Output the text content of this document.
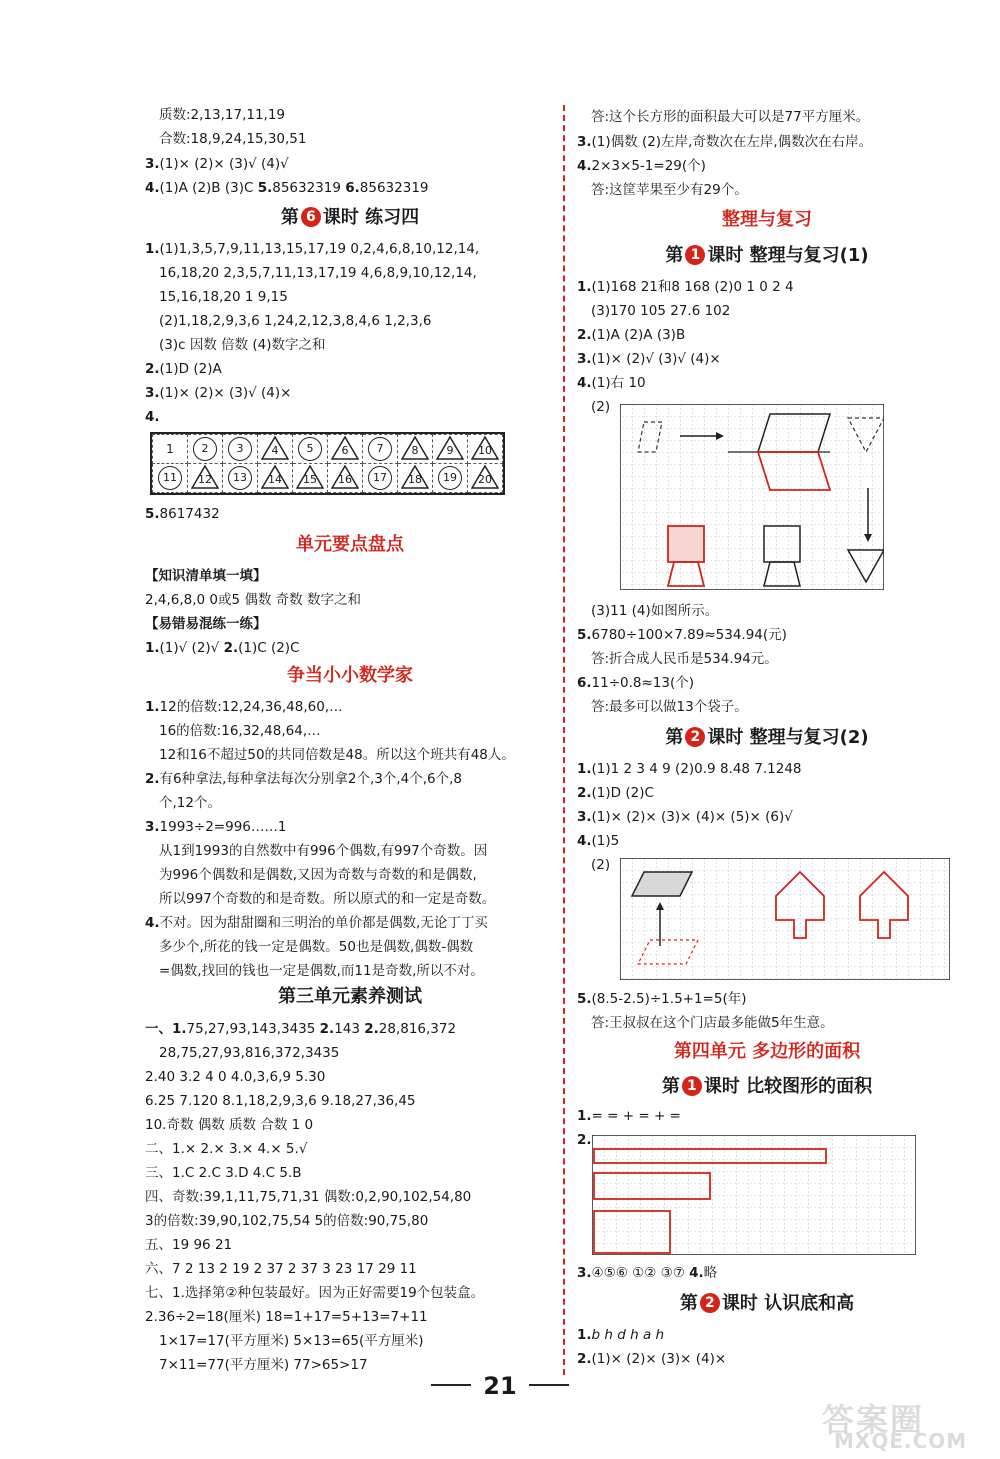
质数:2,13,17,11,19
合数:18,9,24,15,30,51
3.(1)× (2)× (3)√ (4)√
4.(1)A (2)B (3)C 5.85632319 6.85632319
第 6 课时 练习四
1.(1)1,3,5,7,9,11,13,15,17,19 0,2,4,6,8,10,12,14,
16,18,20 2,3,5,7,11,13,17,19 4,6,8,9,10,12,14,
15,16,18,20 1 9,15
(2)1,18,2,9,3,6 1,24,2,12,3,8,4,6 1,2,3,6
(3)c 因数 倍数 (4)数字之和
2.(1)D (2)A
3.(1)× (2)× (3)√ (4)×
4.
5.8617432
单元要点盘点
【知识清单填一填】
2,4,6,8,0 0或5 偶数 奇数 数字之和
【易错易混练一练】
1.(1)√ (2)√ 2.(1)C (2)C
争当小小数学家
1.12的倍数:12,24,36,48,60,…
16的倍数:16,32,48,64,…
12和16不超过50的共同倍数是48。所以这个班共有48人。
2.有6种拿法,每种拿法每次分别拿2个,3个,4个,6个,8
个,12个。
3.1993÷2=996……1
从1到1993的自然数中有996个偶数,有997个奇数。因
为996个偶数和是偶数,又因为奇数与奇数的和是偶数,
所以997个奇数的和是奇数。所以原式的和一定是奇数。
4.不对。因为甜甜圈和三明治的单价都是偶数,无论丁丁买
多少个,所花的钱一定是偶数。50也是偶数,偶数-偶数
=偶数,找回的钱也一定是偶数,而11是奇数,所以不对。
第三单元素养测试
一、1.75,27,93,143,3435 2.143 2.28,816,372
28,75,27,93,816,372,3435
2.40 3.2 4 0 4.0,3,6,9 5.30
6.25 7.120 8.1,18,2,9,3,6 9.18,27,36,45
10.奇数 偶数 质数 合数 1 0
二、1.× 2.× 3.× 4.× 5.√
三、1.C 2.C 3.D 4.C 5.B
四、奇数:39,1,11,75,71,31 偶数:0,2,90,102,54,80
3的倍数:39,90,102,75,54 5的倍数:90,75,80
五、19 96 21
六、7 2 13 2 19 2 37 2 37 3 23 17 29 11
七、1.选择第②种包装最好。因为正好需要19个包装盒。
2.36÷2=18(厘米) 18=1+17=5+13=7+11
1×17=17(平方厘米) 5×13=65(平方厘米)
7×11=77(平方厘米) 77>65>17
1	2	3	4	5	6	7	8	9	10

11	12	13	14	15	16	17	18	19	20
答:这个长方形的面积最大可以是77平方厘米。
3.(1)偶数 (2)左岸,奇数次在左岸,偶数次在右岸。
4.2×3×5-1=29(个)
答:这筐苹果至少有29个。
整理与复习
第 1 课时 整理与复习(1)
1.(1)168 21和8 168 (2)0 1 0 2 4
(3)170 105 27.6 102
2.(1)A (2)A (3)B
3.(1)× (2)√ (3)√ (4)×
4.(1)右 10
(2)
(3)11 (4)如图所示。
5.6780÷100×7.89≈534.94(元)
答:折合成人民币是534.94元。
6.11÷0.8≈13(个)
答:最多可以做13个袋子。
第 2 课时 整理与复习(2)
1.(1)1 2 3 4 9 (2)0.9 8.48 7.1248
2.(1)D (2)C
3.(1)× (2)× (3)× (4)× (5)× (6)√
4.(1)5
(2)
5.(8.5-2.5)÷1.5+1=5(年)
答:王叔叔在这个门店最多能做5年生意。
第四单元 多边形的面积
第 1 课时 比较图形的面积
1.= = + = + =
2.
3.④⑤⑥ ①② ③⑦ 4.略
第 2 课时 认识底和高
1.b h d h a h
2.(1)× (2)× (3)× (4)×
21
答案圈
MXQE.COM
